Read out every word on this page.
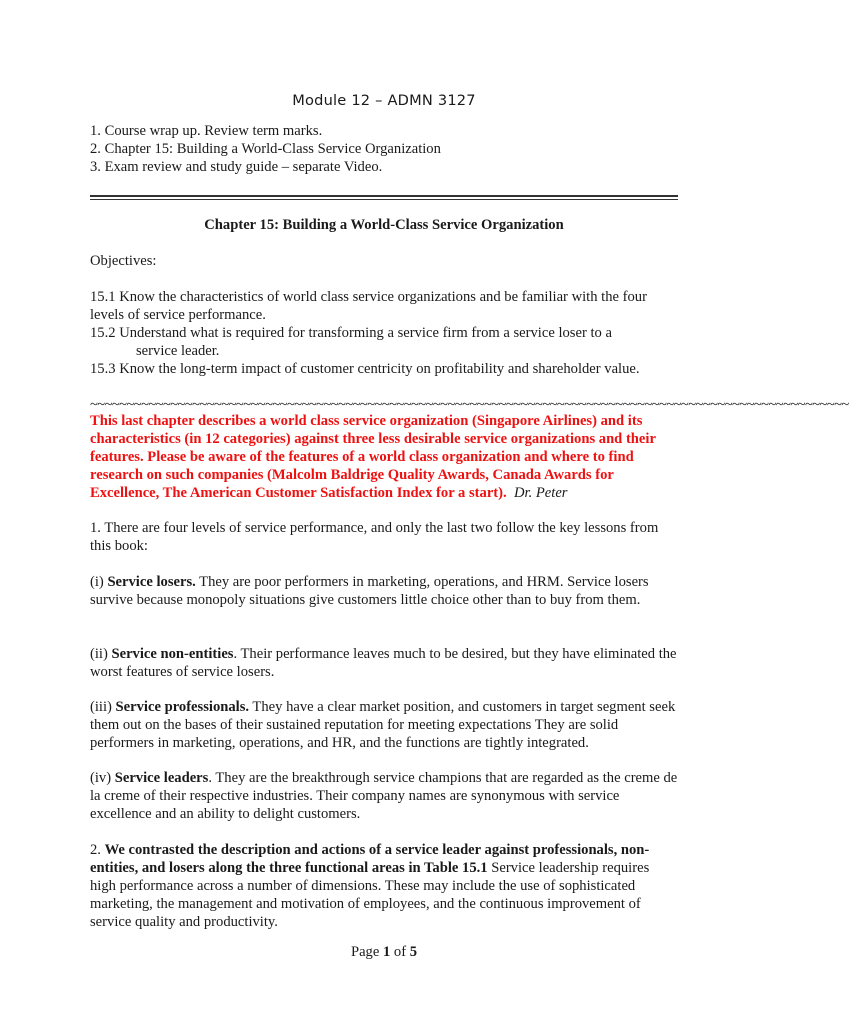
Module 12 – ADMN 3127
1. Course wrap up. Review term marks.
2. Chapter 15: Building a World-Class Service Organization
3. Exam review and study guide – separate Video.
Chapter 15: Building a World-Class Service Organization
Objectives:
15.1 Know the characteristics of world class service organizations and be familiar with the four levels of service performance.
15.2 Understand what is required for transforming a service firm from a service loser to a
service leader.
15.3 Know the long-term impact of customer centricity on profitability and shareholder value.
~~~~~~~~~~~~~~~~~~~~~~~~~~~~~~~~~~~~~~~~~~~~~~~~~~~~~~~~~~~~~~~~~~~~~~~~~~~~~~~~~~~~~~~~~~~~~~~~~~~~~~~~
This last chapter describes a world class service organization (Singapore Airlines) and its characteristics (in 12 categories) against three less desirable service organizations and their features. Please be aware of the features of a world class organization and where to find research on such companies (Malcolm Baldrige Quality Awards, Canada Awards for Excellence, The American Customer Satisfaction Index for a start). Dr. Peter
1. There are four levels of service performance, and only the last two follow the key lessons from this book:
(i) Service losers. They are poor performers in marketing, operations, and HRM. Service losers survive because monopoly situations give customers little choice other than to buy from them.
(ii) Service non-entities. Their performance leaves much to be desired, but they have eliminated the worst features of service losers.
(iii) Service professionals. They have a clear market position, and customers in target segment seek them out on the bases of their sustained reputation for meeting expectations They are solid performers in marketing, operations, and HR, and the functions are tightly integrated.
(iv) Service leaders. They are the breakthrough service champions that are regarded as the creme de la creme of their respective industries. Their company names are synonymous with service excellence and an ability to delight customers.
2. We contrasted the description and actions of a service leader against professionals, non-entities, and losers along the three functional areas in Table 15.1 Service leadership requires high performance across a number of dimensions. These may include the use of sophisticated marketing, the management and motivation of employees, and the continuous improvement of service quality and productivity.
Page 1 of 5
